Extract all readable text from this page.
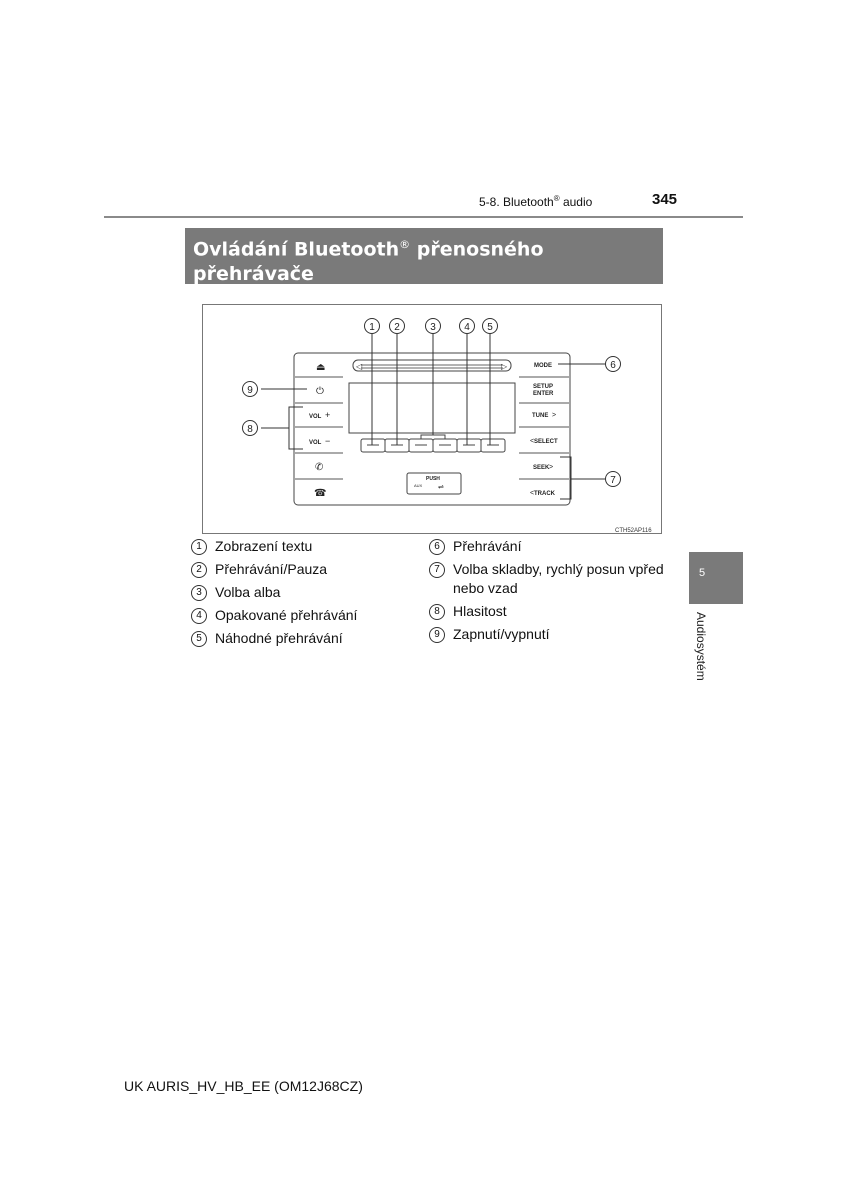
5-8. Bluetooth® audio	345
Ovládání Bluetooth® přenosného
přehrávače
◁	▷
⏏
⏻
VOL +
VOL −
✆
☎
MODE
SETUP
ENTER
TUNE >
< SELECT
SEEK >
< TRACK
PUSH
AUX ⇌
1 2	3	4 5
6
7
8
9
CTH52AP116
1 Zobrazení textu
2 Přehrávání/Pauza
3 Volba alba
4 Opakované přehrávání
5 Náhodné přehrávání
6 Přehrávání
7 Volba skladby, rychlý posun vpřed nebo vzad
8 Hlasitost
9 Zapnutí/vypnutí
5
Audiosystém
UK AURIS_HV_HB_EE (OM12J68CZ)
